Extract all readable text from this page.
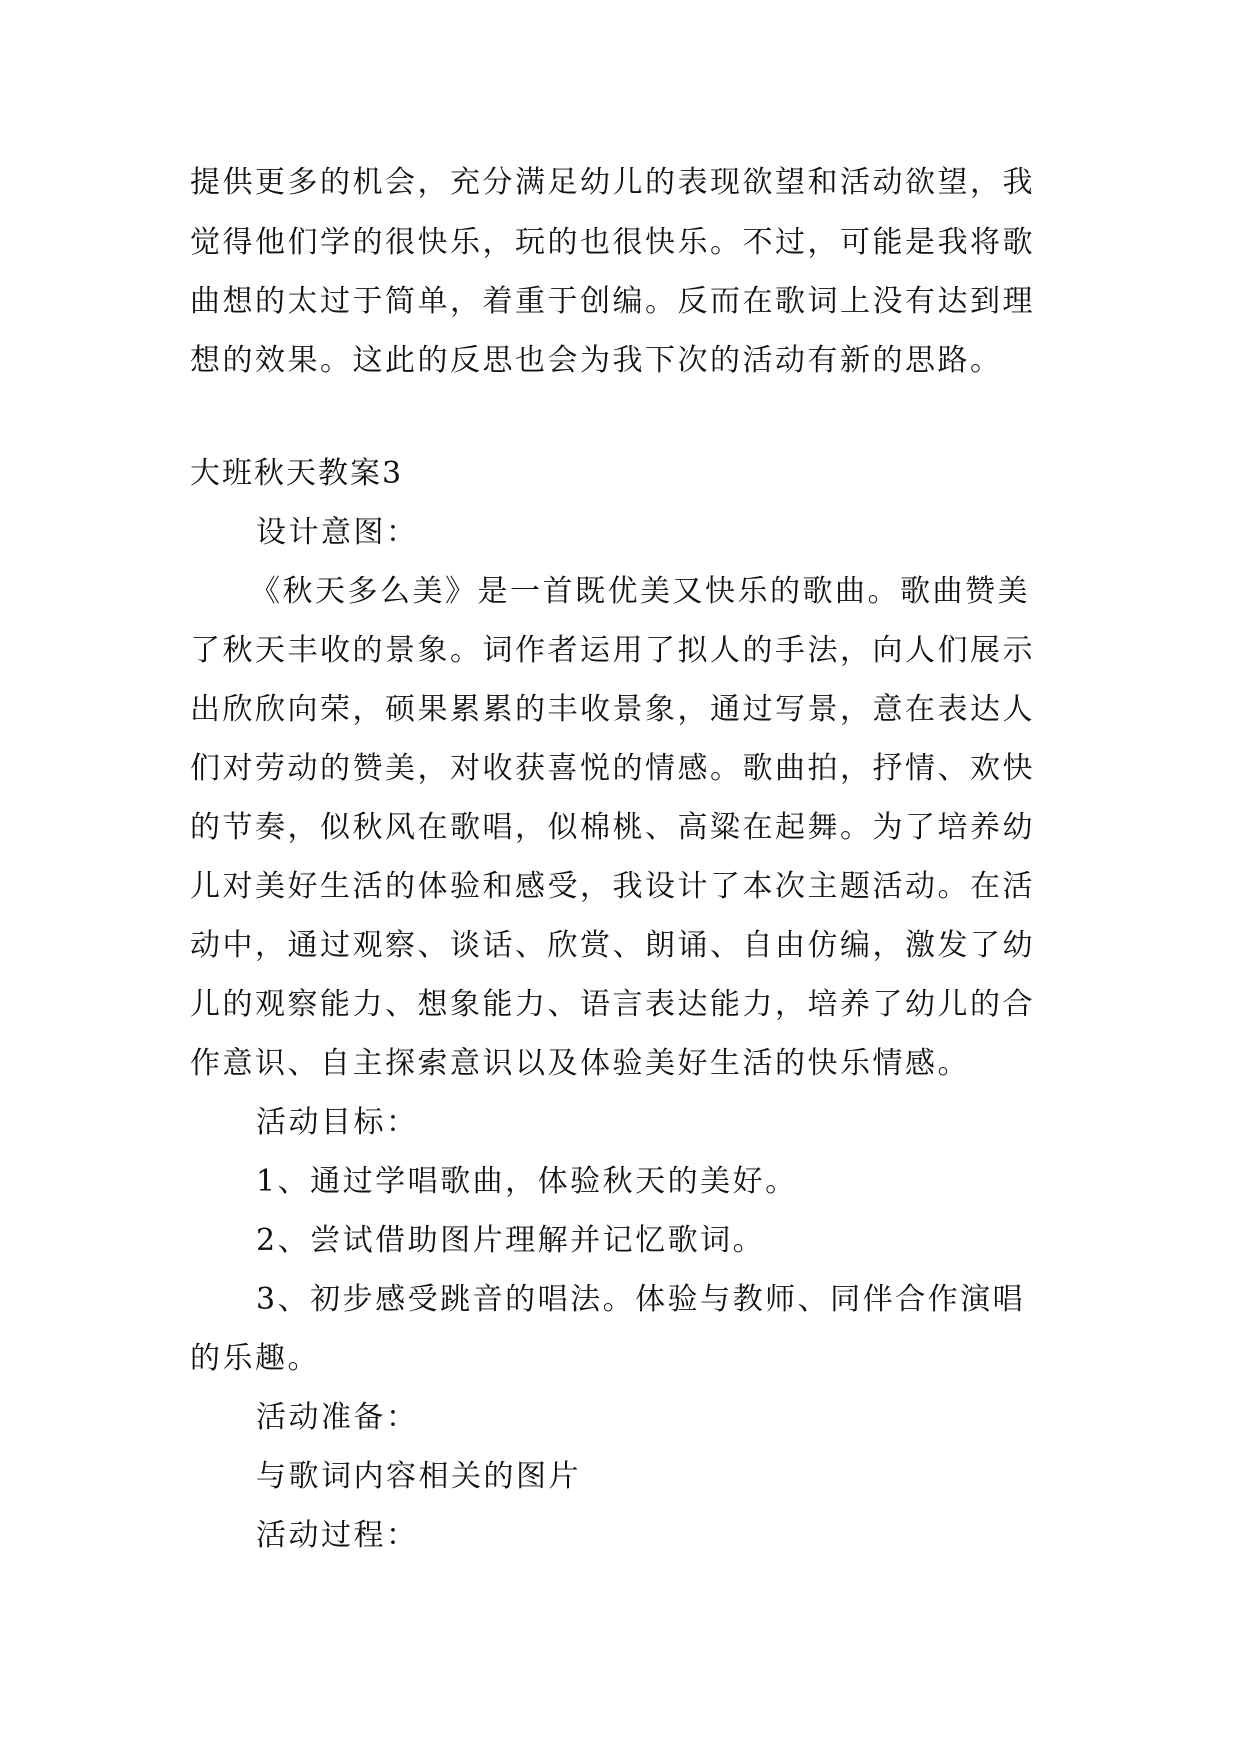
提供更多的机会，充分满足幼儿的表现欲望和活动欲望，我
觉得他们学的很快乐，玩的也很快乐。不过，可能是我将歌
曲想的太过于简单，着重于创编。反而在歌词上没有达到理
想的效果。这此的反思也会为我下次的活动有新的思路。
大班秋天教案3
设计意图：
《秋天多么美》是一首既优美又快乐的歌曲。歌曲赞美
了秋天丰收的景象。词作者运用了拟人的手法，向人们展示
出欣欣向荣，硕果累累的丰收景象，通过写景，意在表达人
们对劳动的赞美，对收获喜悦的情感。歌曲拍，抒情、欢快
的节奏，似秋风在歌唱，似棉桃、高粱在起舞。为了培养幼
儿对美好生活的体验和感受，我设计了本次主题活动。在活
动中，通过观察、谈话、欣赏、朗诵、自由仿编，激发了幼
儿的观察能力、想象能力、语言表达能力，培养了幼儿的合
作意识、自主探索意识以及体验美好生活的快乐情感。
活动目标：
1、通过学唱歌曲，体验秋天的美好。
2、尝试借助图片理解并记忆歌词。
3、初步感受跳音的唱法。体验与教师、同伴合作演唱
的乐趣。
活动准备：
与歌词内容相关的图片
活动过程：
